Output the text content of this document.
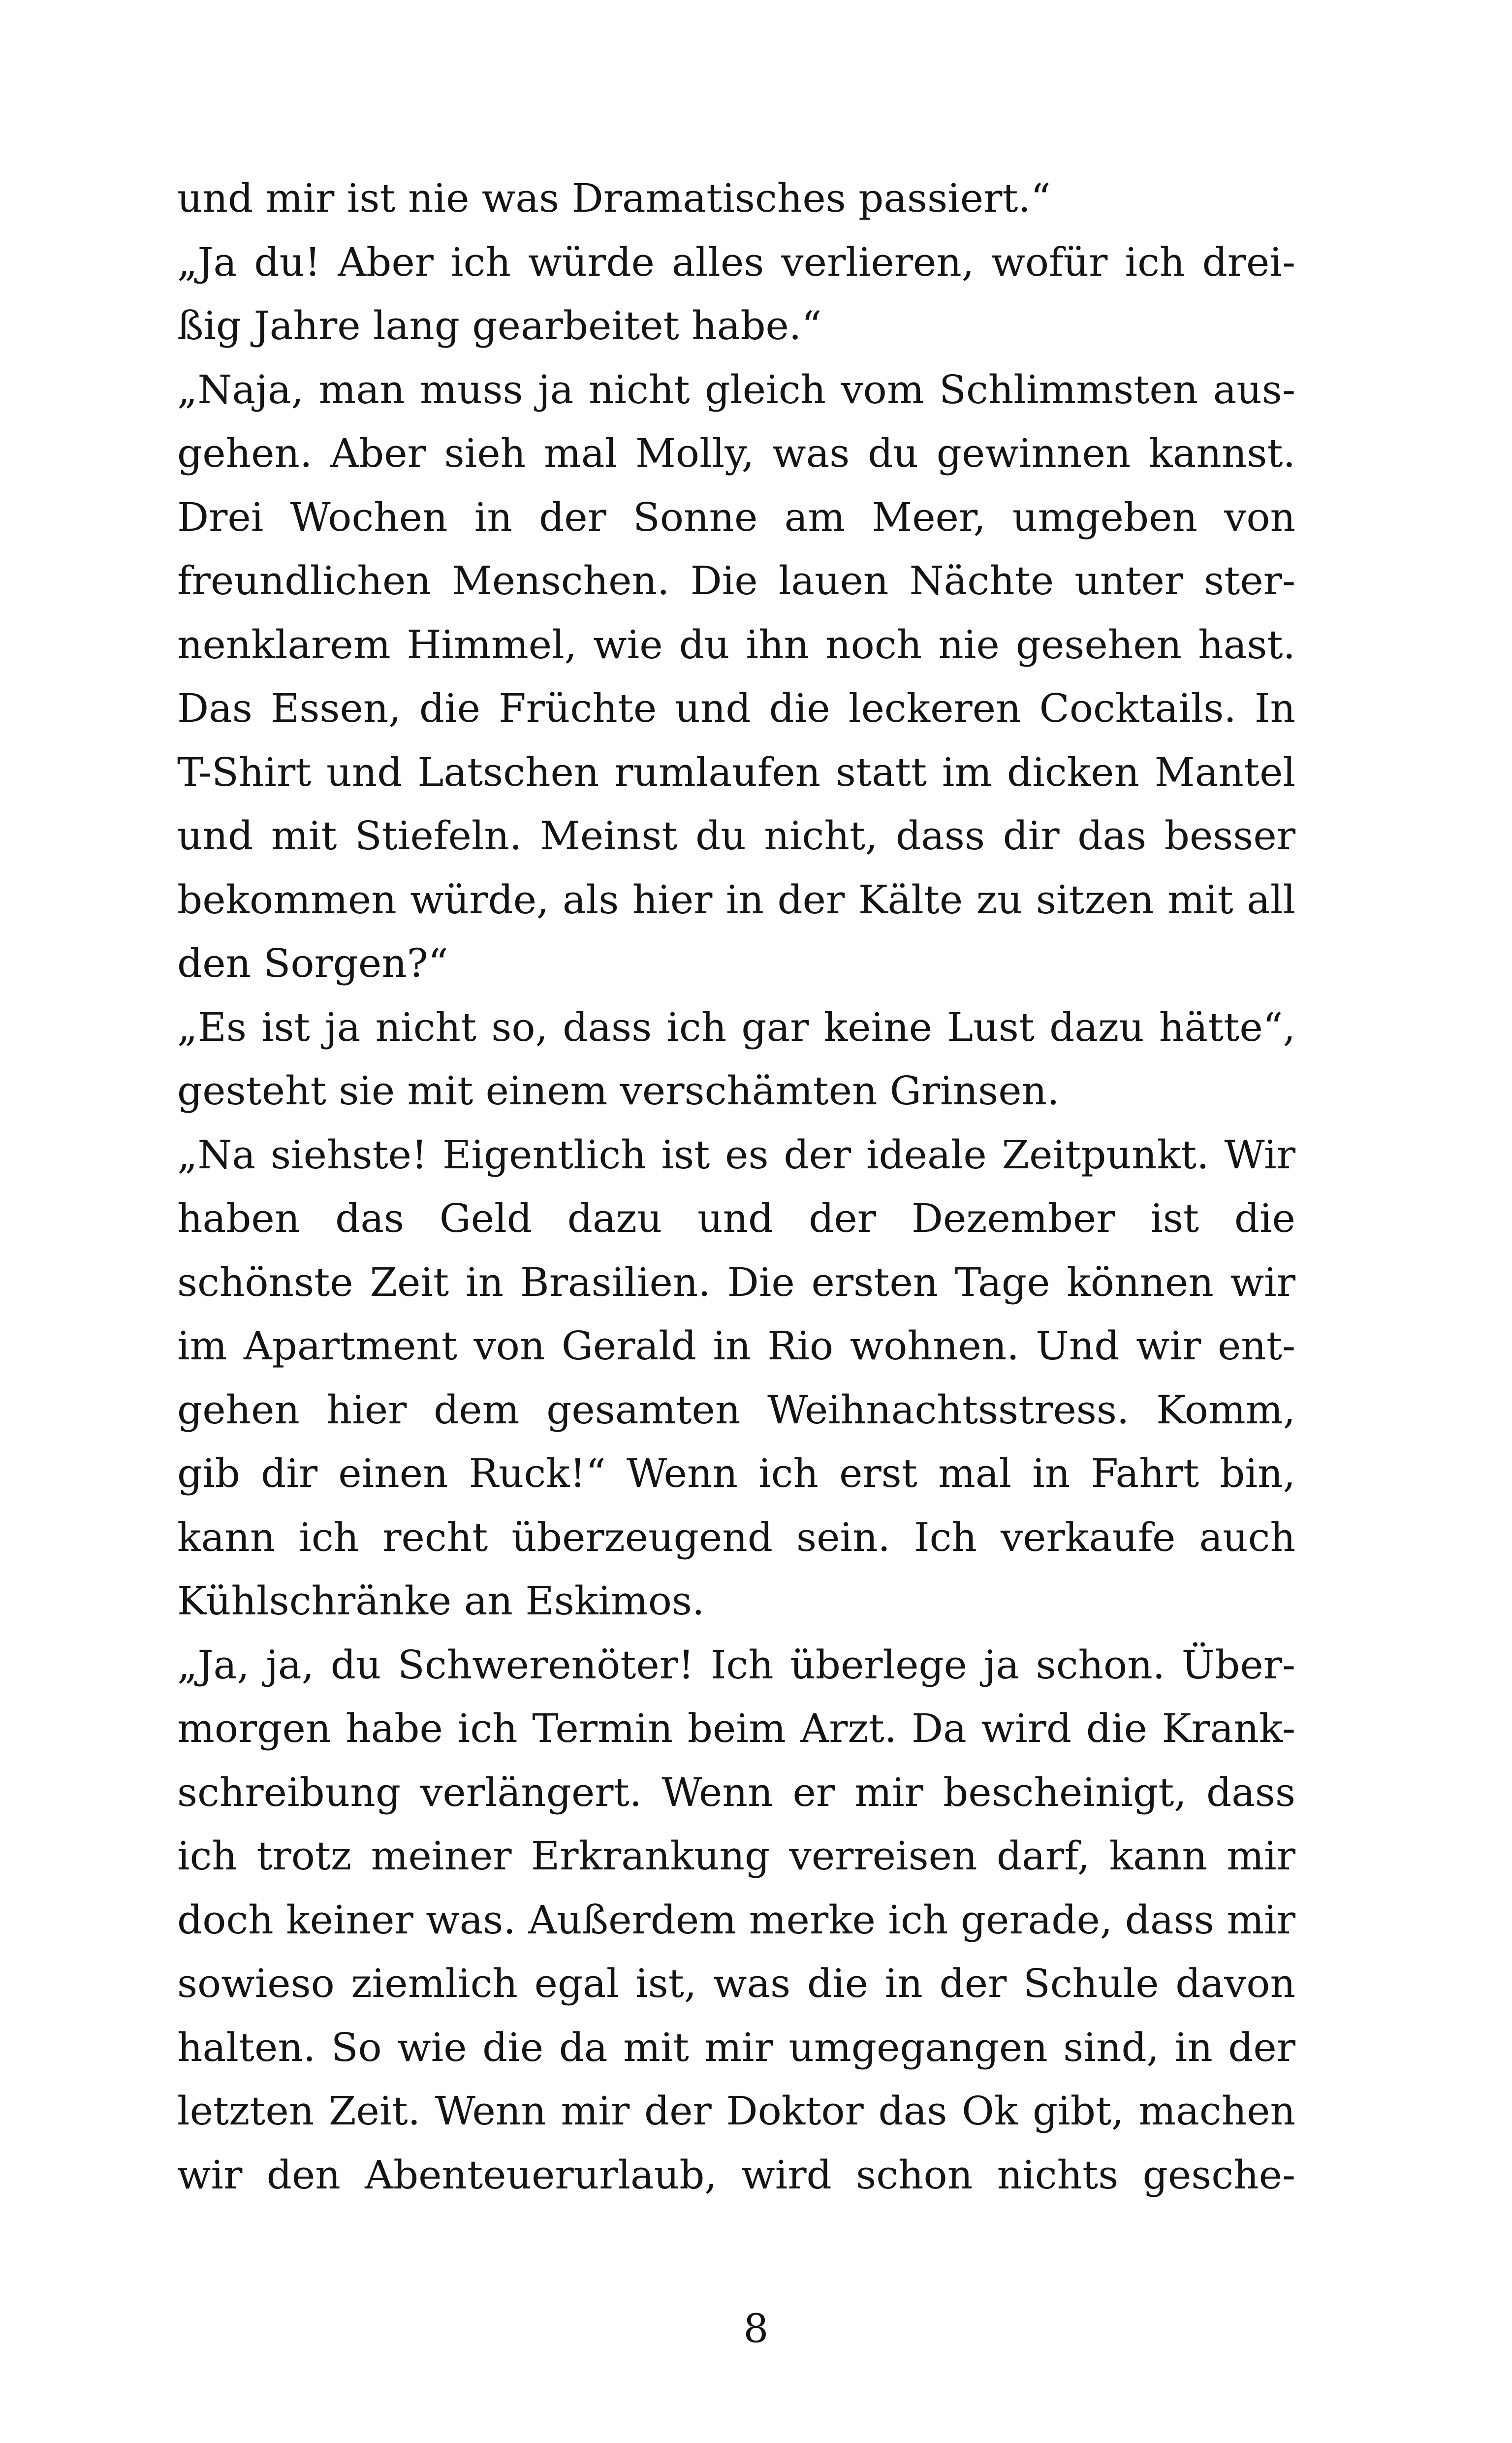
und mir ist nie was Dramatisches passiert.“
„Ja du! Aber ich würde alles verlieren, wofür ich drei-
ßig Jahre lang gearbeitet habe.“
„Naja, man muss ja nicht gleich vom Schlimmsten aus-
gehen. Aber sieh mal Molly, was du gewinnen kannst.
Drei Wochen in der Sonne am Meer, umgeben von
freundlichen Menschen. Die lauen Nächte unter ster-
nenklarem Himmel, wie du ihn noch nie gesehen hast.
Das Essen, die Früchte und die leckeren Cocktails. In
T-Shirt und Latschen rumlaufen statt im dicken Mantel
und mit Stiefeln. Meinst du nicht, dass dir das besser
bekommen würde, als hier in der Kälte zu sitzen mit all
den Sorgen?“
„Es ist ja nicht so, dass ich gar keine Lust dazu hätte“,
gesteht sie mit einem verschämten Grinsen.
„Na siehste! Eigentlich ist es der ideale Zeitpunkt. Wir
haben das Geld dazu und der Dezember ist die
schönste Zeit in Brasilien. Die ersten Tage können wir
im Apartment von Gerald in Rio wohnen. Und wir ent-
gehen hier dem gesamten Weihnachtsstress. Komm,
gib dir einen Ruck!“ Wenn ich erst mal in Fahrt bin,
kann ich recht überzeugend sein. Ich verkaufe auch
Kühlschränke an Eskimos.
„Ja, ja, du Schwerenöter! Ich überlege ja schon. Über-
morgen habe ich Termin beim Arzt. Da wird die Krank-
schreibung verlängert. Wenn er mir bescheinigt, dass
ich trotz meiner Erkrankung verreisen darf, kann mir
doch keiner was. Außerdem merke ich gerade, dass mir
sowieso ziemlich egal ist, was die in der Schule davon
halten. So wie die da mit mir umgegangen sind, in der
letzten Zeit. Wenn mir der Doktor das Ok gibt, machen
wir den Abenteuerurlaub, wird schon nichts gesche-
8
